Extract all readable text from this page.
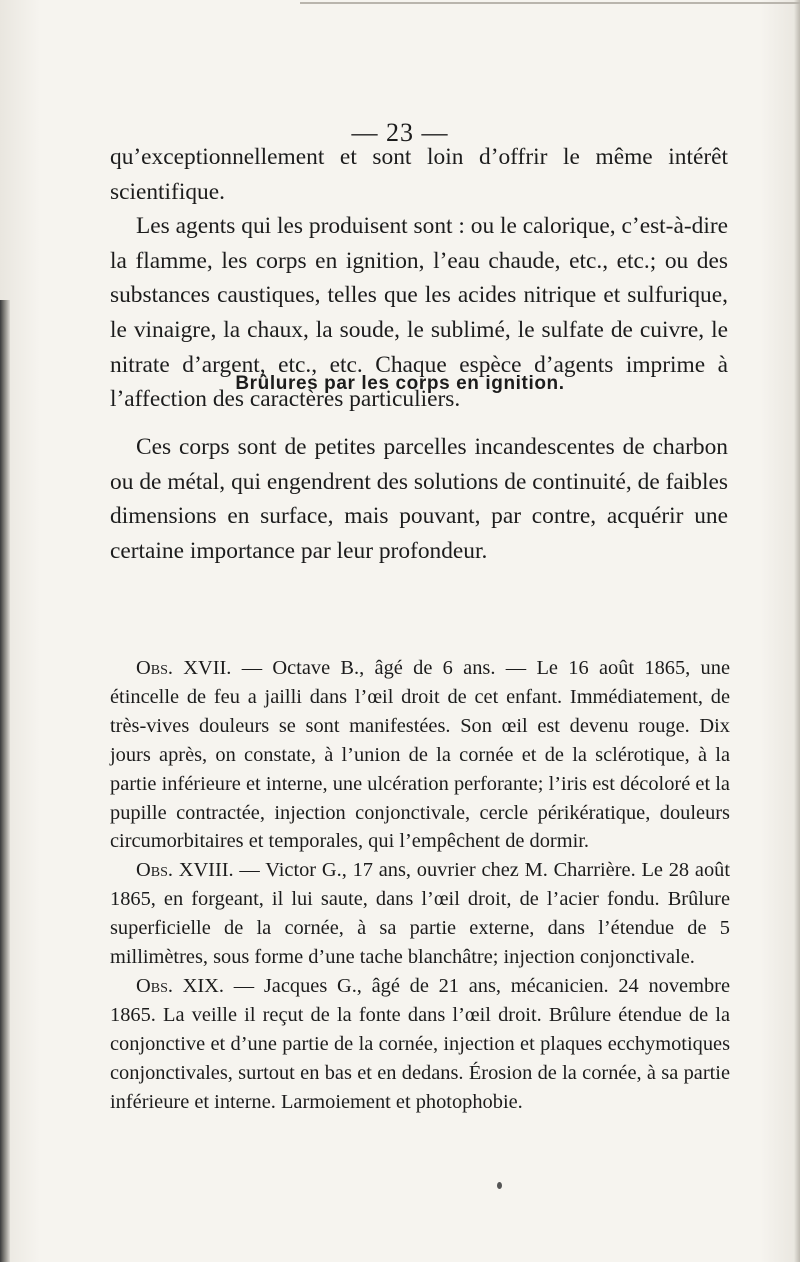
— 23 —

qu’exceptionnellement et sont loin d’offrir le même intérêt scientifique.

Les agents qui les produisent sont : ou le calorique, c’est-à-dire la flamme, les corps en ignition, l’eau chaude, etc., etc.; ou des substances caustiques, telles que les acides nitrique et sulfurique, le vinaigre, la chaux, la soude, le sublimé, le sulfate de cuivre, le nitrate d’argent, etc., etc. Chaque espèce d’agents imprime à l’affection des caractères particuliers.

Brûlures par les corps en ignition.

Ces corps sont de petites parcelles incandescentes de charbon ou de métal, qui engendrent des solutions de continuité, de faibles dimensions en surface, mais pouvant, par contre, acquérir une certaine importance par leur profondeur.

Obs. XVII. — Octave B., âgé de 6 ans. — Le 16 août 1865, une étincelle de feu a jailli dans l’œil droit de cet enfant. Immédiatement, de très-vives douleurs se sont manifestées. Son œil est devenu rouge. Dix jours après, on constate, à l’union de la cornée et de la sclérotique, à la partie inférieure et interne, une ulcération perforante; l’iris est décoloré et la pupille contractée, injection conjonctivale, cercle périkératique, douleurs circumorbitaires et temporales, qui l’empêchent de dormir.

Obs. XVIII. — Victor G., 17 ans, ouvrier chez M. Charrière. Le 28 août 1865, en forgeant, il lui saute, dans l’œil droit, de l’acier fondu. Brûlure superficielle de la cornée, à sa partie externe, dans l’étendue de 5 millimètres, sous forme d’une tache blanchâtre; injection conjonctivale.

Obs. XIX. — Jacques G., âgé de 21 ans, mécanicien. 24 novembre 1865. La veille il reçut de la fonte dans l’œil droit. Brûlure étendue de la conjonctive et d’une partie de la cornée, injection et plaques ecchymotiques conjonctivales, surtout en bas et en dedans. Érosion de la cornée, à sa partie inférieure et interne. Larmoiement et photophobie.
